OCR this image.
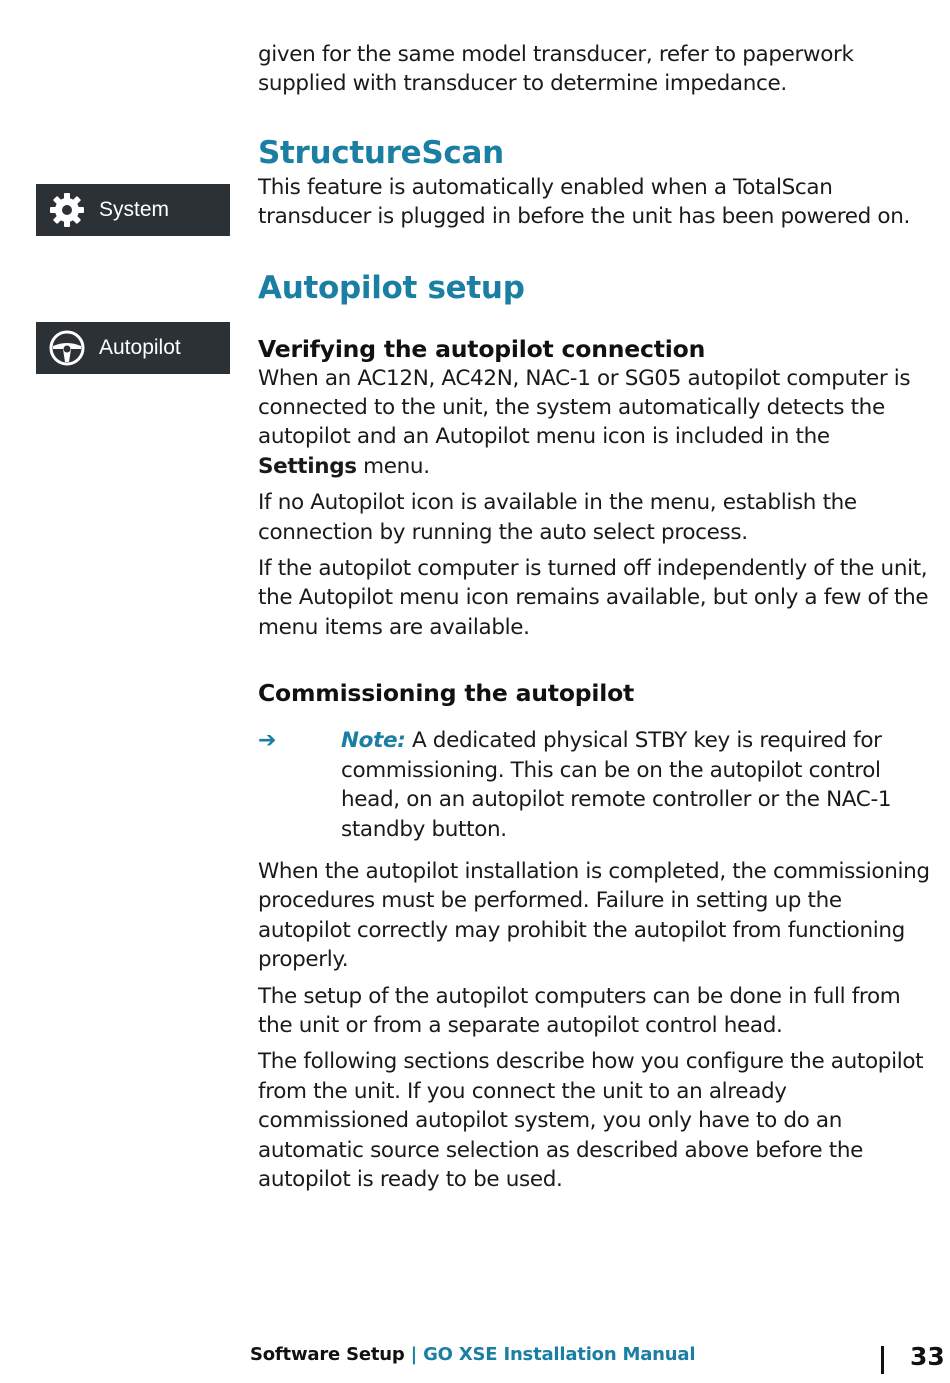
System
Autopilot

given for the same model transducer, refer to paperwork supplied with transducer to determine impedance.

StructureScan

This feature is automatically enabled when a TotalScan transducer is plugged in before the unit has been powered on.

Autopilot setup
Verifying the autopilot connection

When an AC12N, AC42N, NAC-1 or SG05 autopilot computer is connected to the unit, the system automatically detects the autopilot and an Autopilot menu icon is included in the Settings menu.

If no Autopilot icon is available in the menu, establish the connection by running the auto select process.

If the autopilot computer is turned off independently of the unit, the Autopilot menu icon remains available, but only a few of the menu items are available.

Commissioning the autopilot
➔	Note: A dedicated physical STBY key is required for commissioning. This can be on the autopilot control head, on an autopilot remote controller or the NAC-1 standby button.

When the autopilot installation is completed, the commissioning procedures must be performed. Failure in setting up the autopilot correctly may prohibit the autopilot from functioning properly.

The setup of the autopilot computers can be done in full from the unit or from a separate autopilot control head.

The following sections describe how you configure the autopilot from the unit. If you connect the unit to an already commissioned autopilot system, you only have to do an automatic source selection as described above before the autopilot is ready to be used.

Software Setup | GO XSE Installation Manual	33
